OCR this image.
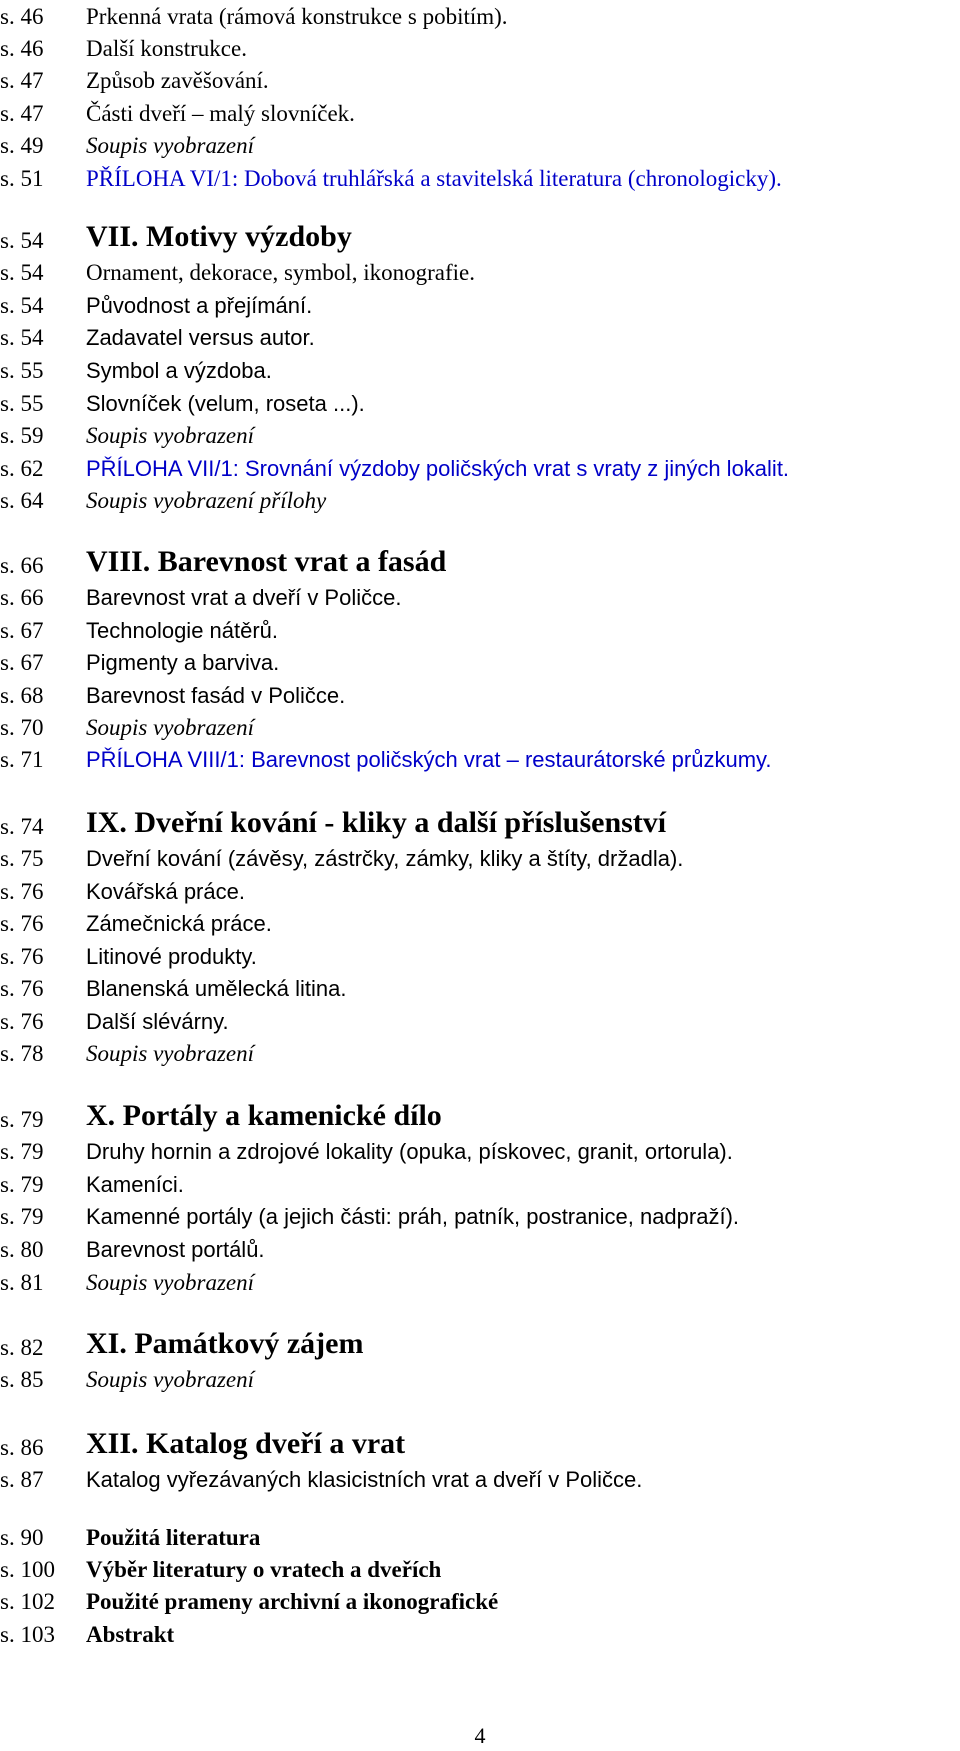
s. 46	Prkenná vrata (rámová konstrukce s pobitím).
s. 46	Další konstrukce.
s. 47	Způsob zavěšování.
s. 47	Části dveří – malý slovníček.
s. 49	Soupis vyobrazení
s. 51	PŘÍLOHA VI/1: Dobová truhlářská a stavitelská literatura (chronologicky).
s. 54	VII. Motivy výzdoby
s. 54	Ornament, dekorace, symbol, ikonografie.
s. 54	Původnost a přejímání.
s. 54	Zadavatel versus autor.
s. 55	Symbol a výzdoba.
s. 55	Slovníček (velum, roseta ...).
s. 59	Soupis vyobrazení
s. 62	PŘÍLOHA VII/1: Srovnání výzdoby poličských vrat s vraty z jiných lokalit.
s. 64	Soupis vyobrazení přílohy
s. 66	VIII. Barevnost vrat a fasád
s. 66	Barevnost vrat a dveří v Poličce.
s. 67	Technologie nátěrů.
s. 67	Pigmenty a barviva.
s. 68	Barevnost fasád v Poličce.
s. 70	Soupis vyobrazení
s. 71	PŘÍLOHA VIII/1: Barevnost poličských vrat – restaurátorské průzkumy.
s. 74	IX. Dveřní kování - kliky a další příslušenství
s. 75	Dveřní kování (závěsy, zástrčky, zámky, kliky a štíty, držadla).
s. 76	Kovářská práce.
s. 76	Zámečnická práce.
s. 76	Litinové produkty.
s. 76	Blanenská umělecká litina.
s. 76	Další slévárny.
s. 78	Soupis vyobrazení
s. 79	X. Portály a kamenické dílo
s. 79	Druhy hornin a zdrojové lokality (opuka, pískovec, granit, ortorula).
s. 79	Kameníci.
s. 79	Kamenné portály (a jejich části: práh, patník, postranice, nadpraží).
s. 80	Barevnost portálů.
s. 81	Soupis vyobrazení
s. 82	XI. Památkový zájem
s. 85	Soupis vyobrazení
s. 86	XII. Katalog dveří a vrat
s. 87	Katalog vyřezávaných klasicistních vrat a dveří v Poličce.
s. 90	Použitá literatura
s. 100	Výběr literatury o vratech a dveřích
s. 102	Použité prameny archivní a ikonografické
s. 103	Abstrakt
4
